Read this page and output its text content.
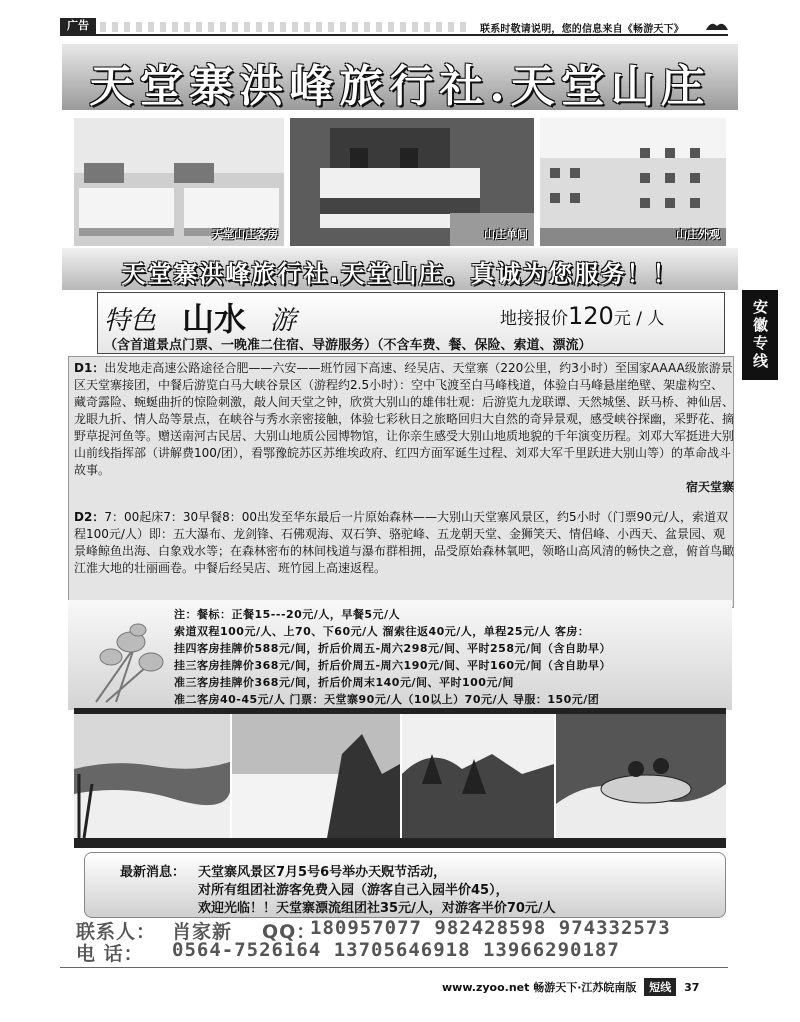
广告	联系时敬请说明，您的信息来自《畅游天下》
天堂寨洪峰旅行社.天堂山庄
天堂山庄客房	山庄单间	山庄外观
天堂寨洪峰旅行社.天堂山庄。真诚为您服务！！
安徽专线
特色 山水 游	地接报价120元 / 人
（含首道景点门票、一晚准二住宿、导游服务）（不含车费、餐、保险、索道、漂流）
D1：出发地走高速公路途径合肥——六安——班竹园下高速、经吴店、天堂寨（220公里，约3小时）至国家AAAA级旅游景区天堂寨接团，中餐后游览白马大峡谷景区（游程约2.5小时）：空中飞渡至白马峰栈道，体验白马峰悬崖绝壁、架虚构空、藏奇露险、蜿蜒曲折的惊险刺激，敲人间天堂之钟，欣赏大别山的雄伟壮观：后游览九龙联谭、天然城堡、跃马桥、神仙居、龙眼九折、情人岛等景点，在峡谷与秀水亲密接触，体验七彩秋日之旅略回归大自然的奇异景观，感受峡谷探幽，采野花、摘野草捉河鱼等。赠送南河古民居、大别山地质公园博物馆，让你亲生感受大别山地质地貌的千年演变历程。刘邓大军挺进大别山前线指挥部（讲解费100/团），看鄂豫皖苏区苏维埃政府、红四方面军诞生过程、刘邓大军千里跃进大别山等）的革命战斗故事。
宿天堂寨
D2：7：00起床7：30早餐8：00出发至华东最后一片原始森林——大别山天堂寨风景区，约5小时（门票90元/人，索道双程100元/人）即：五大瀑布、龙剑锋、石佛观海、双石笋、骆驼峰、五龙朝天堂、金狮笑天、情侣峰、小西天、盆景园、观景峰鲸鱼出海、白象戏水等；在森林密布的林间栈道与瀑布群相拥，品受原始森林氧吧，领略山高风清的畅快之意，俯首鸟瞰江淮大地的壮丽画卷。中餐后经吴店、班竹园上高速返程。
注：餐标：正餐15---20元/人，早餐5元/人
索道双程100元/人、上70、下60元/人 溜索往返40元/人，单程25元/人 客房：
挂四客房挂牌价588元/间，折后价周五-周六298元/间、平时258元/间（含自助早）
挂三客房挂牌价368元/间，折后价周五-周六190元/间、平时160元/间（含自助早）
准三客房挂牌价368元/间，折后价周末140元/间、平时100元/间
准二客房40-45元/人 门票：天堂寨90元/人（10以上）70元/人 导服：150元/团
最新消息： 天堂寨风景区7月5号6号举办天贶节活动，
对所有组团社游客免费入园（游客自己入园半价45），
欢迎光临！！天堂寨漂流组团社35元/人，对游客半价70元/人
联系人： 肖家新 QQ：
180957077 982428598 974332573
电 话： 0564-7526164 13705646918 13966290187
www.zyoo.net 畅游天下·江苏皖南版 短线 37
